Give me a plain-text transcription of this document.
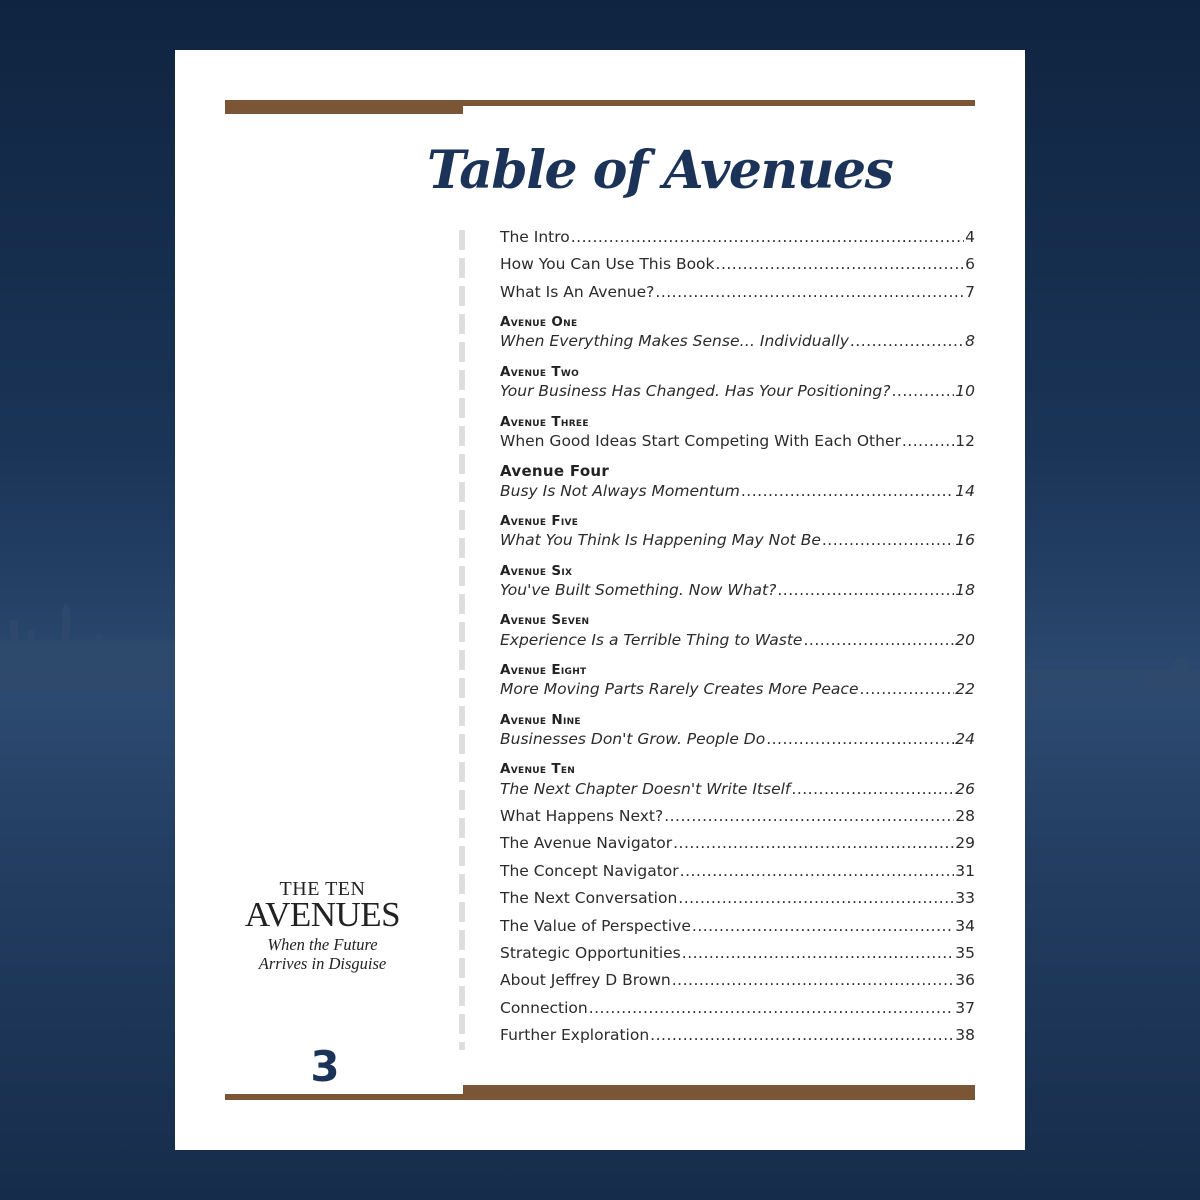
Table of Avenues
The Intro .....	4
How You Can Use This Book .....	6
What Is An Avenue? .....	7
Avenue One
When Everything Makes Sense… Individually .....	8
Avenue Two
Your Business Has Changed. Has Your Positioning? .....	10
Avenue Three
When Good Ideas Start Competing With Each Other .....	12
Avenue Four
Busy Is Not Always Momentum .....	14
Avenue Five
What You Think Is Happening May Not Be .....	16
Avenue Six
You've Built Something. Now What? .....	18
Avenue Seven
Experience Is a Terrible Thing to Waste .....	20
Avenue Eight
More Moving Parts Rarely Creates More Peace .....	22
Avenue Nine
Businesses Don't Grow. People Do .....	24
Avenue Ten
The Next Chapter Doesn't Write Itself .....	26
What Happens Next? .....	28
The Avenue Navigator .....	29
The Concept Navigator .....	31
The Next Conversation .....	33
The Value of Perspective .....	34
Strategic Opportunities .....	35
About Jeffrey D Brown .....	36
Connection .....	37
Further Exploration .....	38
THE TEN
AVENUES
When the Future
Arrives in Disguise
3
